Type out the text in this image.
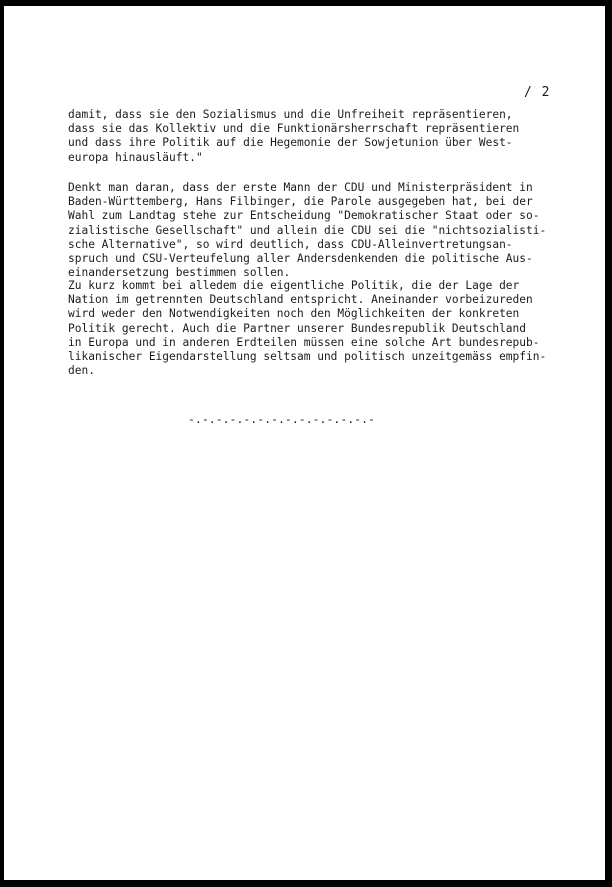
/ 2

damit, dass sie den Sozialismus und die Unfreiheit repräsentieren,
dass sie das Kollektiv und die Funktionärsherrschaft repräsentieren
und dass ihre Politik auf die Hegemonie der Sowjetunion über West-
europa hinausläuft."

Denkt man daran, dass der erste Mann der CDU und Ministerpräsident in
Baden-Württemberg, Hans Filbinger, die Parole ausgegeben hat, bei der
Wahl zum Landtag stehe zur Entscheidung "Demokratischer Staat oder so-
zialistische Gesellschaft" und allein die CDU sei die "nichtsozialisti-
sche Alternative", so wird deutlich, dass CDU-Alleinvertretungsan-
spruch und CSU-Verteufelung aller Andersdenkenden die politische Aus-
einandersetzung bestimmen sollen.

Zu kurz kommt bei alledem die eigentliche Politik, die der Lage der
Nation im getrennten Deutschland entspricht. Aneinander vorbeizureden
wird weder den Notwendigkeiten noch den Möglichkeiten der konkreten
Politik gerecht. Auch die Partner unserer Bundesrepublik Deutschland
in Europa und in anderen Erdteilen müssen eine solche Art bundesrepub-
likanischer Eigendarstellung seltsam und politisch unzeitgemäss empfin-
den.

-.-.-.-.-.-.-.-.-.-.-.-.-.-
